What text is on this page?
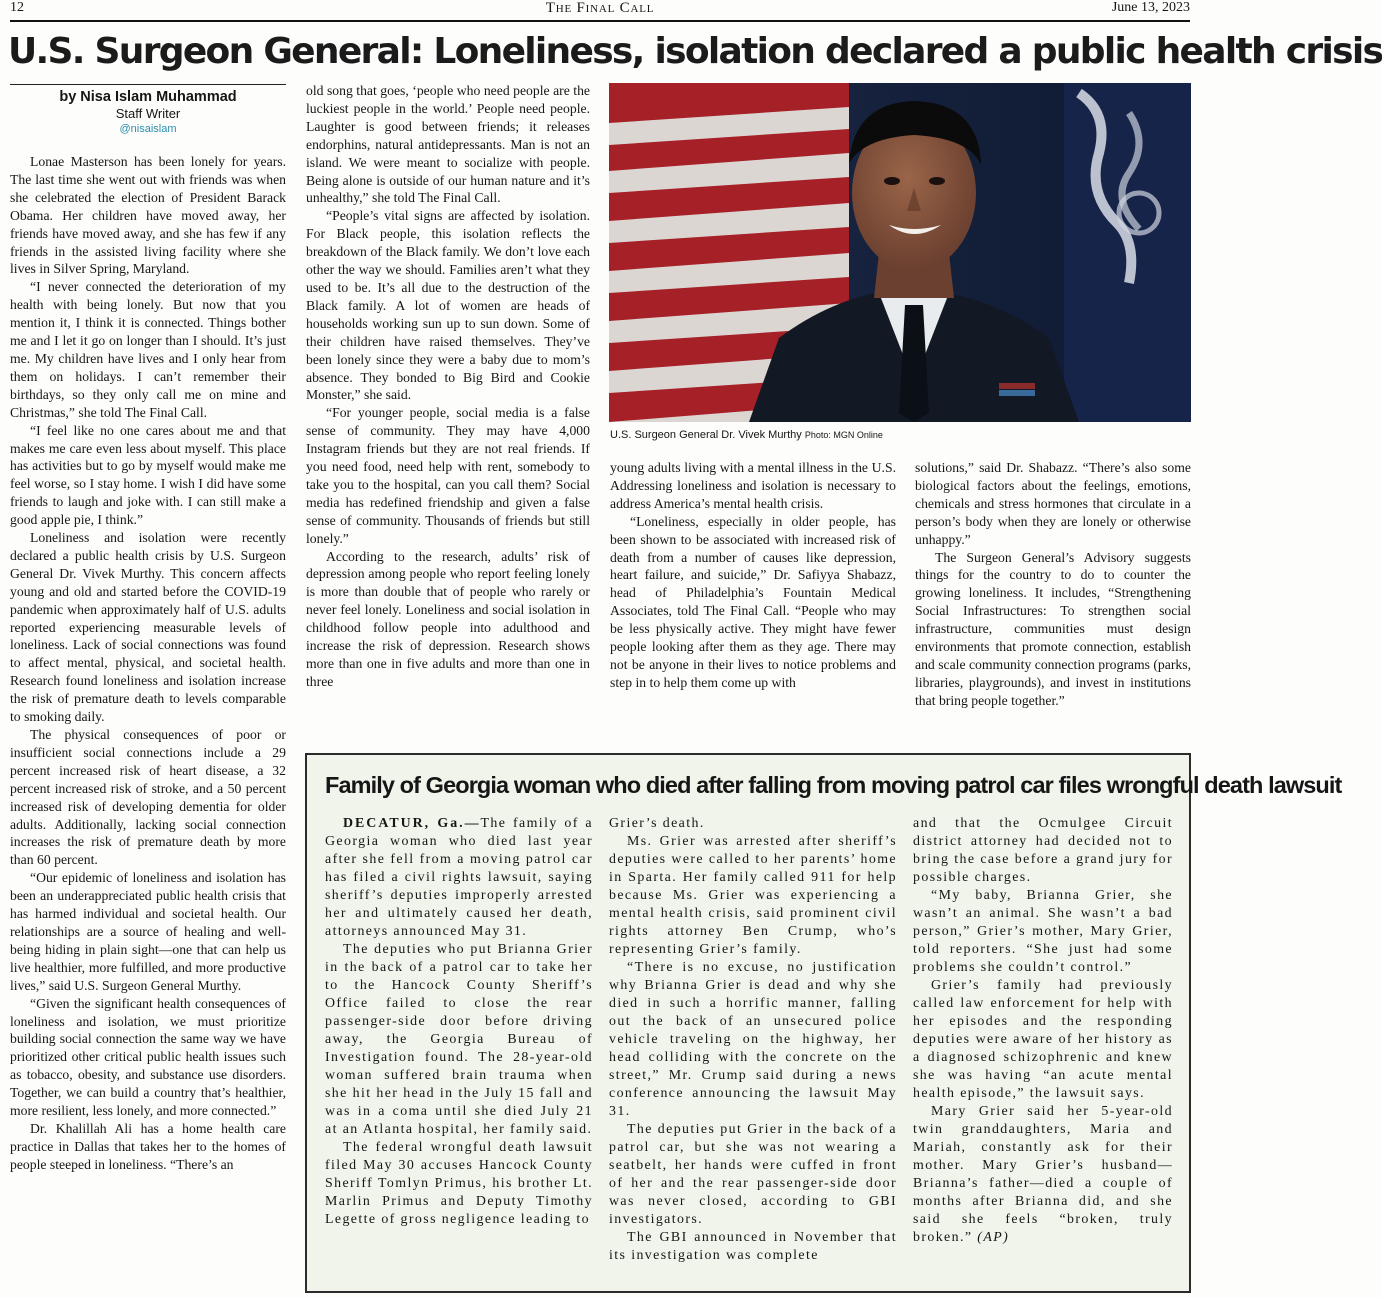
12	The Final Call	June 13, 2023
U.S. Surgeon General: Loneliness, isolation declared a public health crisis
by Nisa Islam Muhammad
Staff Writer
@nisaislam

Lonae Masterson has been lonely for years. The last time she went out with friends was when she celebrated the election of President Barack Obama. Her children have moved away, her friends have moved away, and she has few if any friends in the assisted living facility where she lives in Silver Spring, Maryland.

“I never connected the deterioration of my health with being lonely. But now that you mention it, I think it is connected. Things bother me and I let it go on longer than I should. It’s just me. My children have lives and I only hear from them on holidays. I can’t remember their birthdays, so they only call me on mine and Christmas,” she told The Final Call.

“I feel like no one cares about me and that makes me care even less about myself. This place has activities but to go by myself would make me feel worse, so I stay home. I wish I did have some friends to laugh and joke with. I can still make a good apple pie, I think.”

Loneliness and isolation were recently declared a public health crisis by U.S. Surgeon General Dr. Vivek Murthy. This concern affects young and old and started before the COVID-19 pandemic when approximately half of U.S. adults reported experiencing measurable levels of loneliness. Lack of social connections was found to affect mental, physical, and societal health. Research found loneliness and isolation increase the risk of premature death to levels comparable to smoking daily.

The physical consequences of poor or insufficient social connections include a 29 percent increased risk of heart disease, a 32 percent increased risk of stroke, and a 50 percent increased risk of developing dementia for older adults. Additionally, lacking social connection increases the risk of premature death by more than 60 percent.

“Our epidemic of loneliness and isolation has been an underappreciated public health crisis that has harmed individual and societal health. Our relationships are a source of healing and well-being hiding in plain sight—one that can help us live healthier, more fulfilled, and more productive lives,” said U.S. Surgeon General Murthy.

“Given the significant health consequences of loneliness and isolation, we must prioritize building social connection the same way we have prioritized other critical public health issues such as tobacco, obesity, and substance use disorders. Together, we can build a country that’s healthier, more resilient, less lonely, and more connected.”

Dr. Khalillah Ali has a home health care practice in Dallas that takes her to the homes of people steeped in loneliness. “There’s an

old song that goes, ‘people who need people are the luckiest people in the world.’ People need people. Laughter is good between friends; it releases endorphins, natural antidepressants. Man is not an island. We were meant to socialize with people. Being alone is outside of our human nature and it’s unhealthy,” she told The Final Call.

“People’s vital signs are affected by isolation. For Black people, this isolation reflects the breakdown of the Black family. We don’t love each other the way we should. Families aren’t what they used to be. It’s all due to the destruction of the Black family. A lot of women are heads of households working sun up to sun down. Some of their children have raised themselves. They’ve been lonely since they were a baby due to mom’s absence. They bonded to Big Bird and Cookie Monster,” she said.

“For younger people, social media is a false sense of community. They may have 4,000 Instagram friends but they are not real friends. If you need food, need help with rent, somebody to take you to the hospital, can you call them? Social media has redefined friendship and given a false sense of community. Thousands of friends but still lonely.”

According to the research, adults’ risk of depression among people who report feeling lonely is more than double that of people who rarely or never feel lonely. Loneliness and social isolation in childhood follow people into adulthood and increase the risk of depression. Research shows more than one in five adults and more than one in three

U.S. Surgeon General Dr. Vivek Murthy Photo: MGN Online

young adults living with a mental illness in the U.S. Addressing loneliness and isolation is necessary to address America’s mental health crisis.

“Loneliness, especially in older people, has been shown to be associated with increased risk of death from a number of causes like depression, heart failure, and suicide,” Dr. Safiyya Shabazz, head of Philadelphia’s Fountain Medical Associates, told The Final Call. “People who may be less physically active. They might have fewer people looking after them as they age. There may not be anyone in their lives to notice problems and step in to help them come up with

solutions,” said Dr. Shabazz. “There’s also some biological factors about the feelings, emotions, chemicals and stress hormones that circulate in a person’s body when they are lonely or otherwise unhappy.”

The Surgeon General’s Advisory suggests things for the country to do to counter the growing loneliness. It includes, “Strengthening Social Infrastructures: To strengthen social infrastructure, communities must design environments that promote connection, establish and scale community connection programs (parks, libraries, playgrounds), and invest in institutions that bring people together.”

Family of Georgia woman who died after falling from moving patrol car files wrongful death lawsuit

DECATUR, Ga.—The family of a Georgia woman who died last year after she fell from a moving patrol car has filed a civil rights lawsuit, saying sheriff’s deputies improperly arrested her and ultimately caused her death, attorneys announced May 31.

The deputies who put Brianna Grier in the back of a patrol car to take her to the Hancock County Sheriff’s Office failed to close the rear passenger-side door before driving away, the Georgia Bureau of Investigation found. The 28-year-old woman suffered brain trauma when she hit her head in the July 15 fall and was in a coma until she died July 21 at an Atlanta hospital, her family said.

The federal wrongful death lawsuit filed May 30 accuses Hancock County Sheriff Tomlyn Primus, his brother Lt. Marlin Primus and Deputy Timothy Legette of gross negligence leading to

Grier’s death.

Ms. Grier was arrested after sheriff’s deputies were called to her parents’ home in Sparta. Her family called 911 for help because Ms. Grier was experiencing a mental health crisis, said prominent civil rights attorney Ben Crump, who’s representing Grier’s family.

“There is no excuse, no justification why Brianna Grier is dead and why she died in such a horrific manner, falling out the back of an unsecured police vehicle traveling on the highway, her head colliding with the concrete on the street,” Mr. Crump said during a news conference announcing the lawsuit May 31.

The deputies put Grier in the back of a patrol car, but she was not wearing a seatbelt, her hands were cuffed in front of her and the rear passenger-side door was never closed, according to GBI investigators.

The GBI announced in November that its investigation was complete

and that the Ocmulgee Circuit district attorney had decided not to bring the case before a grand jury for possible charges.

“My baby, Brianna Grier, she wasn’t an animal. She wasn’t a bad person,” Grier’s mother, Mary Grier, told reporters. “She just had some problems she couldn’t control.”

Grier’s family had previously called law enforcement for help with her episodes and the responding deputies were aware of her history as a diagnosed schizophrenic and knew she was having “an acute mental health episode,” the lawsuit says.

Mary Grier said her 5-year-old twin granddaughters, Maria and Mariah, constantly ask for their mother. Mary Grier’s husband—Brianna’s father—died a couple of months after Brianna did, and she said she feels “broken, truly broken.” (AP)
